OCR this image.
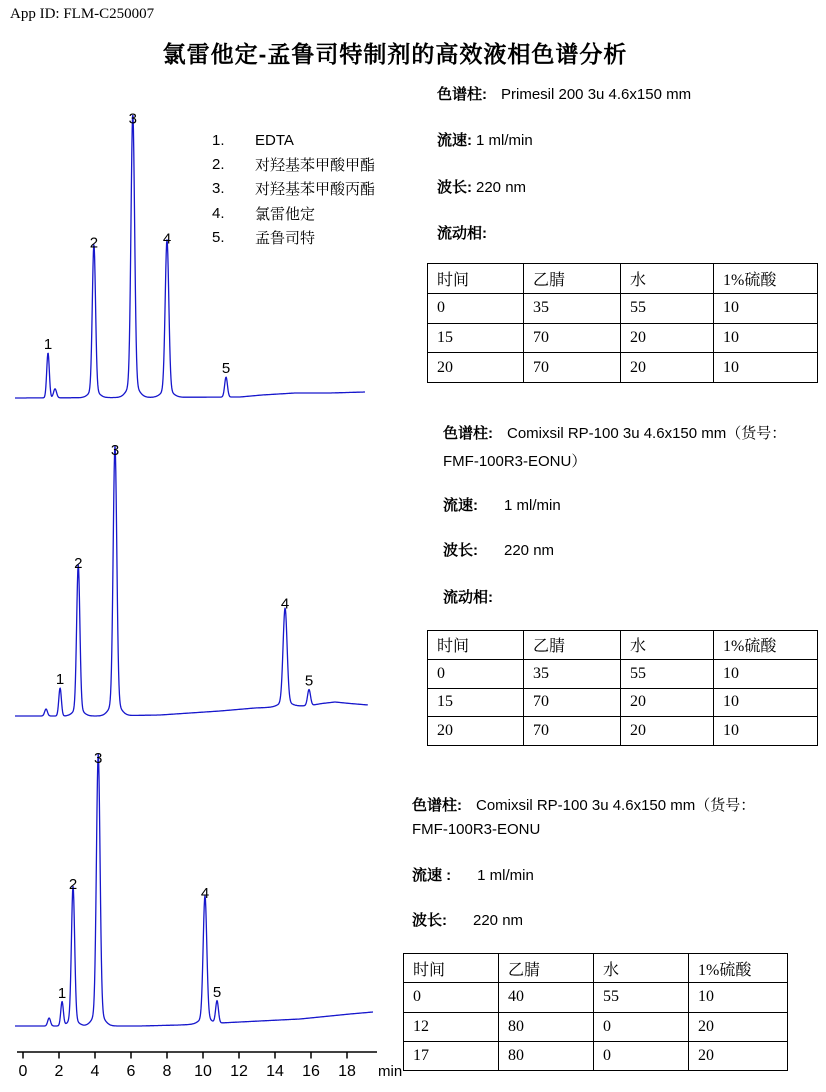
App ID: FLM-C250007
氯雷他定-孟鲁司特制剂的高效液相色谱分析
1.	EDTA
2.	对羟基苯甲酸甲酯
3.	对羟基苯甲酸丙酯
4.	氯雷他定
5.	孟鲁司特
1
2
3
4
5
1
2
3
4
5
1
2
3
4
5
0 2 4 6 8 10 12 14 16 18 min
色谱柱: Primesil 200 3u 4.6x150 mm
流速: 1 ml/min
波长: 220 nm
流动相:
色谱柱: Comixsil RP-100 3u 4.6x150 mm（货号：
FMF-100R3-EONU）
流速: 1 ml/min
波长: 220 nm
流动相:
色谱柱: Comixsil RP-100 3u 4.6x150 mm（货号：
FMF-100R3-EONU
流速 : 1 ml/min
波长: 220 nm
时间	乙腈	水	1%硫酸
0	35	55	10
15	70	20	10
20	70	20	10
时间	乙腈	水	1%硫酸
0	35	55	10
15	70	20	10
20	70	20	10
时间	乙腈	水	1%硫酸
0	40	55	10
12	80	0	20
17	80	0	20
